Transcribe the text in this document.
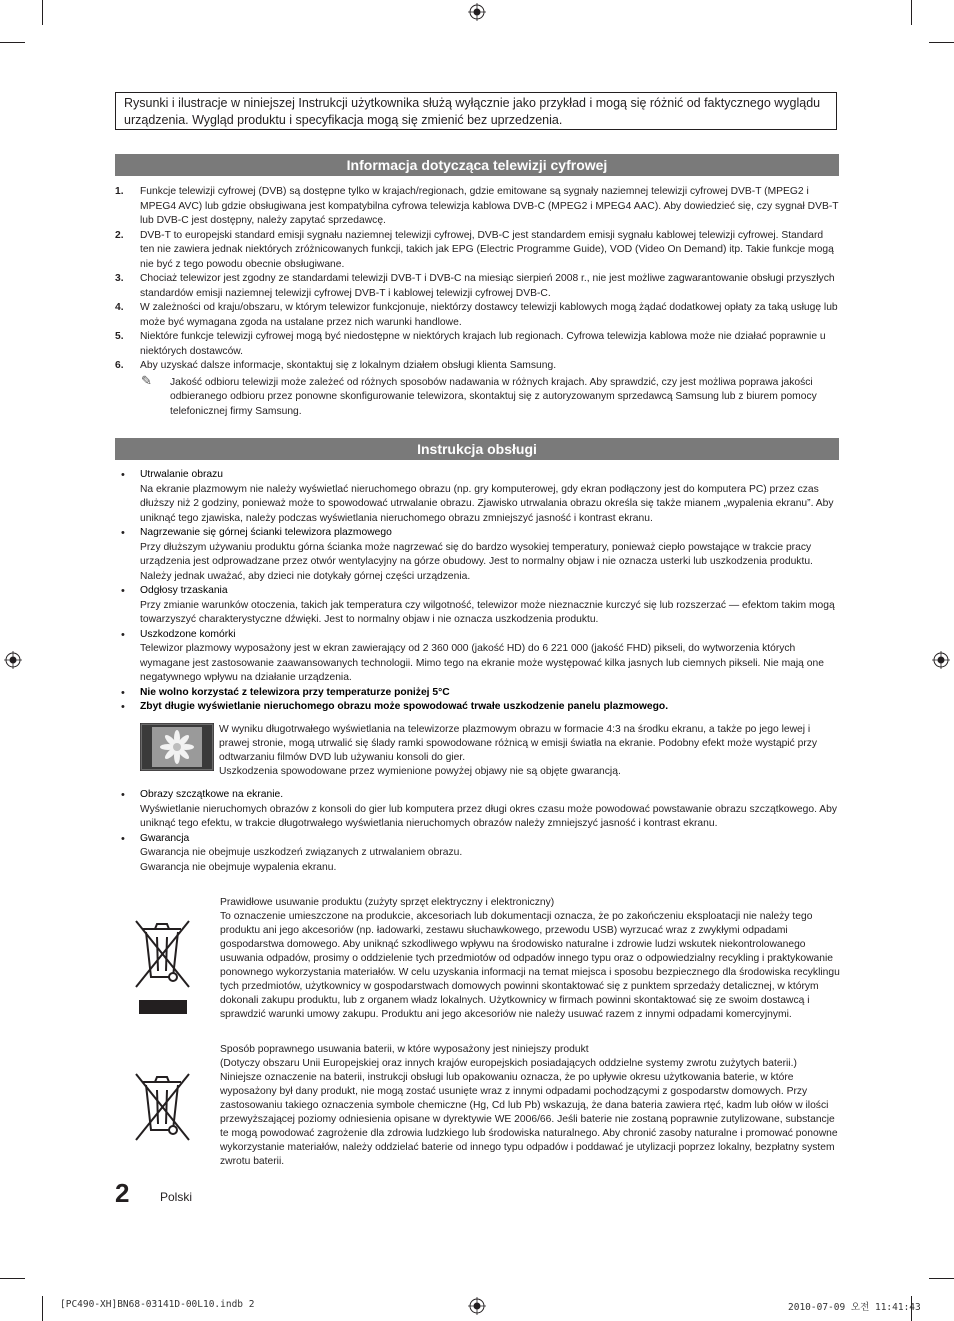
Rysunki i ilustracje w niniejszej Instrukcji użytkownika służą wyłącznie jako przykład i mogą się różnić od faktycznego wyglądu urządzenia. Wygląd produktu i specyfikacja mogą się zmienić bez uprzedzenia.
Informacja dotycząca telewizji cyfrowej
1. Funkcje telewizji cyfrowej (DVB) są dostępne tylko w krajach/regionach, gdzie emitowane są sygnały naziemnej telewizji cyfrowej DVB-T (MPEG2 i MPEG4 AVC) lub gdzie obsługiwana jest kompatybilna cyfrowa telewizja kablowa DVB-C (MPEG2 i MPEG4 AAC). Aby dowiedzieć się, czy sygnał DVB-T lub DVB-C jest dostępny, należy zapytać sprzedawcę.
2. DVB-T to europejski standard emisji sygnału naziemnej telewizji cyfrowej, DVB-C jest standardem emisji sygnału kablowej telewizji cyfrowej. Standard ten nie zawiera jednak niektórych zróżnicowanych funkcji, takich jak EPG (Electric Programme Guide), VOD (Video On Demand) itp. Takie funkcje mogą nie być z tego powodu obecnie obsługiwane.
3. Chociaż telewizor jest zgodny ze standardami telewizji DVB-T i DVB-C na miesiąc sierpień 2008 r., nie jest możliwe zagwarantowanie obsługi przyszłych standardów emisji naziemnej telewizji cyfrowej DVB-T i kablowej telewizji cyfrowej DVB-C.
4. W zależności od kraju/obszaru, w którym telewizor funkcjonuje, niektórzy dostawcy telewizji kablowych mogą żądać dodatkowej opłaty za taką usługę lub może być wymagana zgoda na ustalane przez nich warunki handlowe.
5. Niektóre funkcje telewizji cyfrowej mogą być niedostępne w niektórych krajach lub regionach. Cyfrowa telewizja kablowa może nie działać poprawnie u niektórych dostawców.
6. Aby uzyskać dalsze informacje, skontaktuj się z lokalnym działem obsługi klienta Samsung.
✎ Jakość odbioru telewizji może zależeć od różnych sposobów nadawania w różnych krajach. Aby sprawdzić, czy jest możliwa poprawa jakości odbieranego odbioru przez ponowne skonfigurowanie telewizora, skontaktuj się z autoryzowanym sprzedawcą Samsung lub z biurem pomocy telefonicznej firmy Samsung.
Instrukcja obsługi
• Utrwalanie obrazu
Na ekranie plazmowym nie należy wyświetlać nieruchomego obrazu (np. gry komputerowej, gdy ekran podłączony jest do komputera PC) przez czas dłuższy niż 2 godziny, ponieważ może to spowodować utrwalanie obrazu. Zjawisko utrwalania obrazu określa się także mianem „wypalenia ekranu”. Aby uniknąć tego zjawiska, należy podczas wyświetlania nieruchomego obrazu zmniejszyć jasność i kontrast ekranu.
• Nagrzewanie się górnej ścianki telewizora plazmowego
Przy dłuższym używaniu produktu górna ścianka może nagrzewać się do bardzo wysokiej temperatury, ponieważ ciepło powstające w trakcie pracy urządzenia jest odprowadzane przez otwór wentylacyjny na górze obudowy. Jest to normalny objaw i nie oznacza usterki lub uszkodzenia produktu. Należy jednak uważać, aby dzieci nie dotykały górnej części urządzenia.
• Odgłosy trzaskania
Przy zmianie warunków otoczenia, takich jak temperatura czy wilgotność, telewizor może nieznacznie kurczyć się lub rozszerzać — efektom takim mogą towarzyszyć charakterystyczne dźwięki. Jest to normalny objaw i nie oznacza uszkodzenia produktu.
• Uszkodzone komórki
Telewizor plazmowy wyposażony jest w ekran zawierający od 2 360 000 (jakość HD) do 6 221 000 (jakość FHD) pikseli, do wytworzenia których wymagane jest zastosowanie zaawansowanych technologii. Mimo tego na ekranie może występować kilka jasnych lub ciemnych pikseli. Nie mają one negatywnego wpływu na działanie urządzenia.
• Nie wolno korzystać z telewizora przy temperaturze poniżej 5°C
• Zbyt długie wyświetlanie nieruchomego obrazu może spowodować trwałe uszkodzenie panelu plazmowego.
W wyniku długotrwałego wyświetlania na telewizorze plazmowym obrazu w formacie 4:3 na środku ekranu, a także po jego lewej i prawej stronie, mogą utrwalić się ślady ramki spowodowane różnicą w emisji światła na ekranie. Podobny efekt może wystąpić przy odtwarzaniu filmów DVD lub używaniu konsoli do gier.
Uszkodzenia spowodowane przez wymienione powyżej objawy nie są objęte gwarancją.
• Obrazy szczątkowe na ekranie.
Wyświetlanie nieruchomych obrazów z konsoli do gier lub komputera przez długi okres czasu może powodować powstawanie obrazu szczątkowego. Aby uniknąć tego efektu, w trakcie długotrwałego wyświetlania nieruchomych obrazów należy zmniejszyć jasność i kontrast ekranu.
• Gwarancja
Gwarancja nie obejmuje uszkodzeń związanych z utrwalaniem obrazu.
Gwarancja nie obejmuje wypalenia ekranu.
Prawidłowe usuwanie produktu (zużyty sprzęt elektryczny i elektroniczny)
To oznaczenie umieszczone na produkcie, akcesoriach lub dokumentacji oznacza, że po zakończeniu eksploatacji nie należy tego produktu ani jego akcesoriów (np. ładowarki, zestawu słuchawkowego, przewodu USB) wyrzucać wraz z zwykłymi odpadami gospodarstwa domowego. Aby uniknąć szkodliwego wpływu na środowisko naturalne i zdrowie ludzi wskutek niekontrolowanego usuwania odpadów, prosimy o oddzielenie tych przedmiotów od odpadów innego typu oraz o odpowiedzialny recykling i praktykowanie ponownego wykorzystania materiałów. W celu uzyskania informacji na temat miejsca i sposobu bezpiecznego dla środowiska recyklingu tych przedmiotów, użytkownicy w gospodarstwach domowych powinni skontaktować się z punktem sprzedaży detalicznej, w którym dokonali zakupu produktu, lub z organem władz lokalnych. Użytkownicy w firmach powinni skontaktować się ze swoim dostawcą i sprawdzić warunki umowy zakupu. Produktu ani jego akcesoriów nie należy usuwać razem z innymi odpadami komercyjnymi.
Sposób poprawnego usuwania baterii, w które wyposażony jest niniejszy produkt
(Dotyczy obszaru Unii Europejskiej oraz innych krajów europejskich posiadających oddzielne systemy zwrotu zużytych baterii.)
Niniejsze oznaczenie na baterii, instrukcji obsługi lub opakowaniu oznacza, że po upływie okresu użytkowania baterie, w które wyposażony był dany produkt, nie mogą zostać usunięte wraz z innymi odpadami pochodzącymi z gospodarstw domowych. Przy zastosowaniu takiego oznaczenia symbole chemiczne (Hg, Cd lub Pb) wskazują, że dana bateria zawiera rtęć, kadm lub ołów w ilości przewyższającej poziomy odniesienia opisane w dyrektywie WE 2006/66. Jeśli baterie nie zostaną poprawnie zutylizowane, substancje te mogą powodować zagrożenie dla zdrowia ludzkiego lub środowiska naturalnego. Aby chronić zasoby naturalne i promować ponowne wykorzystanie materiałów, należy oddzielać baterie od innego typu odpadów i poddawać je utylizacji poprzez lokalny, bezpłatny system zwrotu baterii.
2	Polski
[PC490-XH]BN68-03141D-00L10.indb 2	2010-07-09 오전 11:41:43
